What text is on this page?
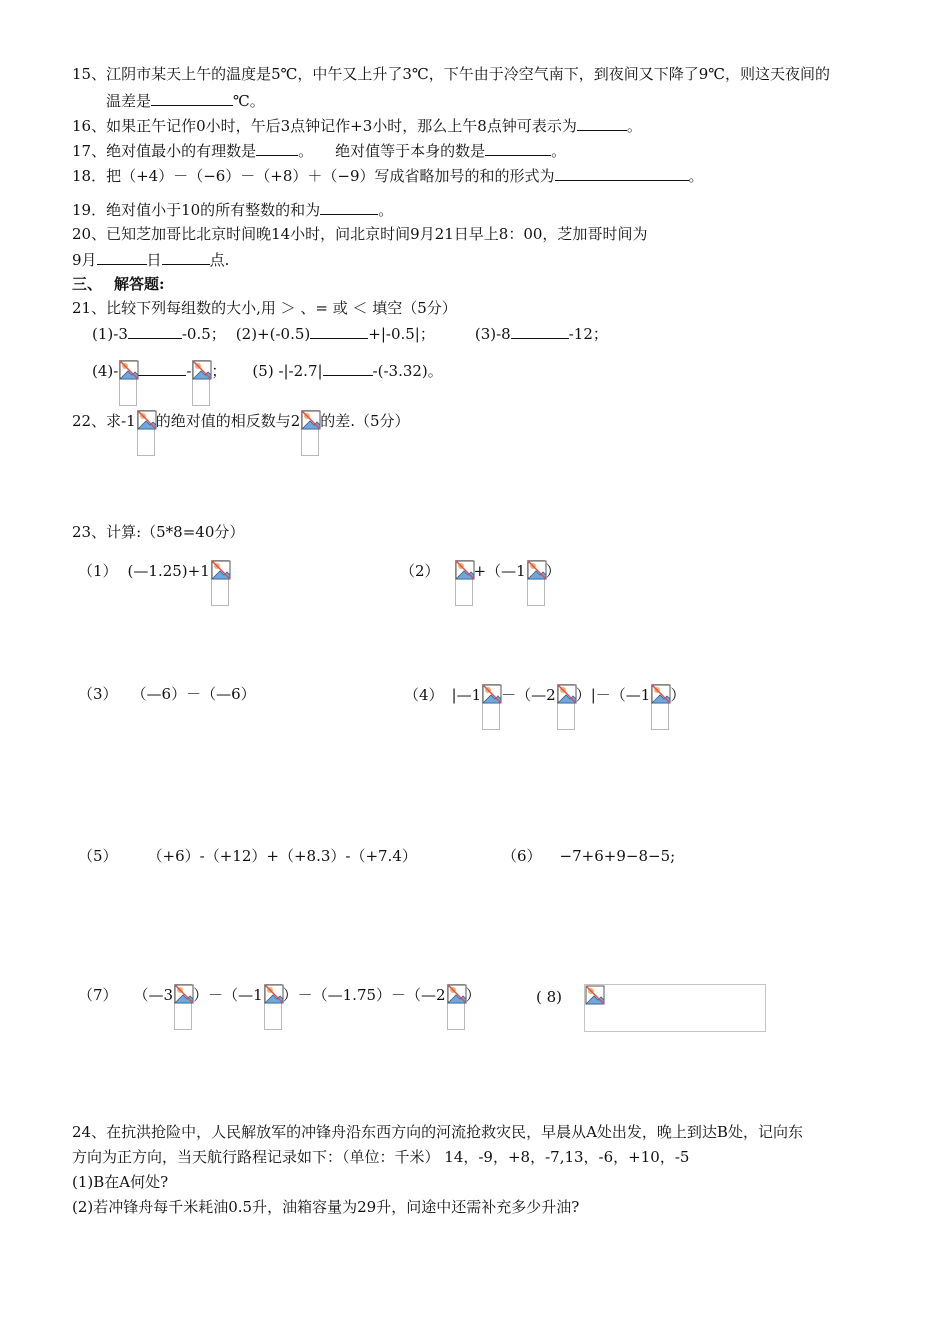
15、江阴市某天上午的温度是5℃，中午又上升了3℃，下午由于冷空气南下，到夜间又下降了9℃，则这天夜间的
温差是	℃。
16、如果正午记作0小时，午后3点钟记作+3小时，那么上午8点钟可表示为	。
17、绝对值最小的有理数是	。 绝对值等于本身的数是	。
18．把（+4）－（−6）－（+8）＋（−9）写成省略加号的和的形式为	。
19．绝对值小于10的所有整数的和为	。
20、已知芝加哥比北京时间晚14小时，问北京时间9月21日早上8：00，芝加哥时间为
9月	日	点.
三、 解答题:
21、比较下列每组数的大小,用 ＞ 、= 或 ＜ 填空（5分）
(1)-3	-0.5； (2)+(-0.5)	+|-0.5|；	(3)-8	-12；
(4)-	- ； (5) -|-2.7|	-(-3.32)。
22、求-1 的绝对值的相反数与2 的差.（5分）
23、计算:（5*8=40分）
（1） (—1.25)+1	（2） +（—1 ）
（3） （—6）－（—6）	（4） |—1 －（—2 ）|－（—1 ）
（5） （+6）-（+12）+（+8.3）-（+7.4）	（6） −7+6+9−8−5;
（7） （—3 ）－（—1 ）－（—1.75）－（—2 ）	( 8)
24、在抗洪抢险中，人民解放军的冲锋舟沿东西方向的河流抢救灾民，早晨从A处出发，晚上到达B处，记向东
方向为正方向，当天航行路程记录如下：（单位：千米） 14，-9，+8，-7,13，-6，+10，-5
(1)B在A何处?
(2)若冲锋舟每千米耗油0.5升，油箱容量为29升，问途中还需补充多少升油?
